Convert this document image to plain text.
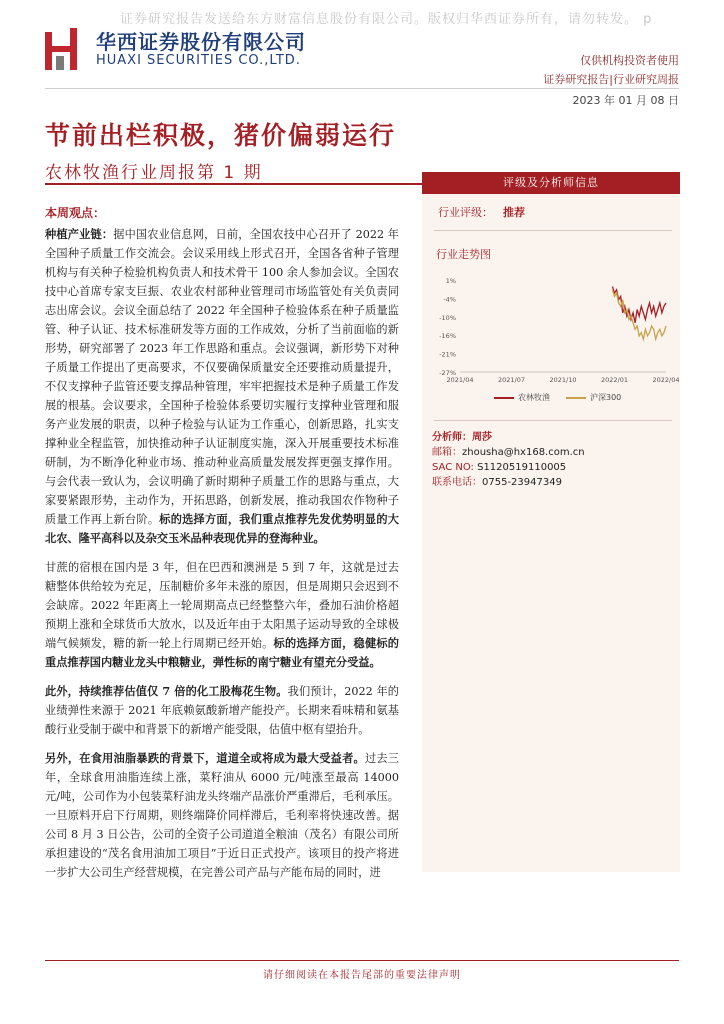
证券研究报告发送给东方财富信息股份有限公司。版权归华西证券所有，请勿转发。 p
华西证券股份有限公司
HUAXI SECURITIES CO.,LTD.	仅供机构投资者使用
证券研究报告|行业研究周报
2023 年 01 月 08 日
节前出栏积极，猪价偏弱运行
农林牧渔行业周报第 1 期
本周观点：

种植产业链：据中国农业信息网，日前，全国农技中心召开了 2022 年全国种子质量工作交流会。会议采用线上形式召开，全国各省种子管理机构与有关种子检验机构负责人和技术骨干 100 余人参加会议。全国农技中心首席专家支巨振、农业农村部种业管理司市场监管处有关负责同志出席会议。会议全面总结了 2022 年全国种子检验体系在种子质量监管、种子认证、技术标准研发等方面的工作成效，分析了当前面临的新形势，研究部署了 2023 年工作思路和重点。会议强调，新形势下对种子质量工作提出了更高要求，不仅要确保质量安全还要推动质量提升，不仅支撑种子监管还要支撑品种管理，牢牢把握技术是种子质量工作发展的根基。会议要求，全国种子检验体系要切实履行支撑种业管理和服务产业发展的职责，以种子检验与认证为工作重心，创新思路，扎实支撑种业全程监管，加快推动种子认证制度实施，深入开展重要技术标准研制，为不断净化种业市场、推动种业高质量发展发挥更强支撑作用。与会代表一致认为，会议明确了新时期种子质量工作的思路与重点，大家要紧跟形势，主动作为，开拓思路，创新发展，推动我国农作物种子质量工作再上新台阶。标的选择方面，我们重点推荐先发优势明显的大北农、隆平高科以及杂交玉米品种表现优异的登海种业。

甘蔗的宿根在国内是 3 年，但在巴西和澳洲是 5 到 7 年，这就是过去糖整体供给较为充足，压制糖价多年未涨的原因，但是周期只会迟到不会缺席。2022 年距离上一轮周期高点已经整整六年，叠加石油价格超预期上涨和全球货币大放水，以及近年由于太阳黑子运动导致的全球极端气候频发，糖的新一轮上行周期已经开始。标的选择方面，稳健标的重点推荐国内糖业龙头中粮糖业，弹性标的南宁糖业有望充分受益。

此外，持续推荐估值仅 7 倍的化工股梅花生物。我们预计，2022 年的业绩弹性来源于 2021 年底赖氨酸新增产能投产。长期来看味精和氨基酸行业受制于碳中和背景下的新增产能受限，估值中枢有望抬升。

另外，在食用油脂暴跌的背景下，道道全或将成为最大受益者。过去三年，全球食用油脂连续上涨，菜籽油从 6000 元/吨涨至最高 14000 元/吨，公司作为小包装菜籽油龙头终端产品涨价严重滞后，毛利承压。一旦原料开启下行周期，则终端降价同样滞后，毛利率将快速改善。据公司 8 月 3 日公告，公司的全资子公司道道全粮油（茂名）有限公司所承担建设的“茂名食用油加工项目”于近日正式投产。该项目的投产将进一步扩大公司生产经营规模，在完善公司产品与产能布局的同时，进

评级及分析师信息
行业评级： 推荐
行业走势图
1%
-4%
-10%
-16%
-21%
-27%
2021/04	2021/07	2021/10	2022/01	2022/04
农林牧渔	沪深300
分析师：周莎
邮箱：zhousha@hx168.com.cn
SAC NO: S1120519110005
联系电话：0755-23947349
请仔细阅读在本报告尾部的重要法律声明
